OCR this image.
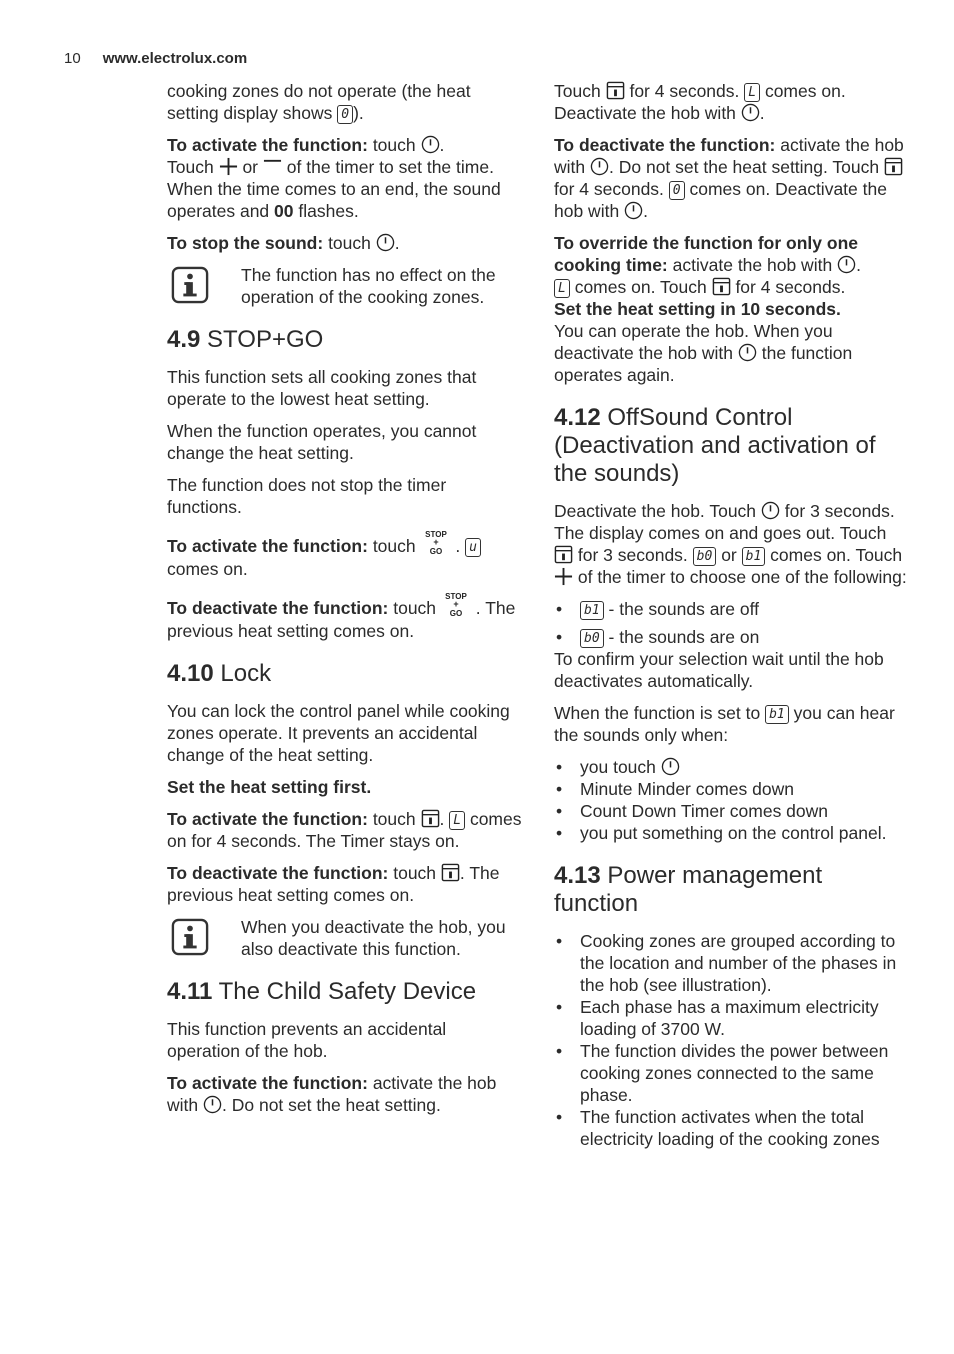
10 www.electrolux.com

cooking zones do not operate (the heat setting display shows 0 ).

To activate the function: touch .
Touch or of the timer to set the time. When the time comes to an end, the sound operates and 00 flashes.

To stop the sound: touch .

The function has no effect on the operation of the cooking zones.
4.9 STOP+GO

This function sets all cooking zones that operate to the lowest heat setting.

When the function operates, you cannot change the heat setting.

The function does not stop the timer functions.

To activate the function: touch
STOP
+
GO . u comes on.

To deactivate the function: touch
STOP
+
GO . The previous heat setting comes on.

4.10 Lock

You can lock the control panel while cooking zones operate. It prevents an accidental change of the heat setting.

Set the heat setting first.

To activate the function: touch . L comes on for 4 seconds. The Timer stays on.

To deactivate the function: touch . The previous heat setting comes on.

When you deactivate the hob, you also deactivate this function.
4.11 The Child Safety Device

This function prevents an accidental operation of the hob.

To activate the function: activate the hob with . Do not set the heat setting.

Touch for 4 seconds. L comes on. Deactivate the hob with .

To deactivate the function: activate the hob with . Do not set the heat setting. Touch
for 4 seconds. 0 comes on. Deactivate the hob with .

To override the function for only one cooking time: activate the hob with .
L comes on. Touch for 4 seconds.
Set the heat setting in 10 seconds.
You can operate the hob. When you deactivate the hob with the function operates again.

4.12 OffSound Control (Deactivation and activation of the sounds)

Deactivate the hob. Touch for 3 seconds. The display comes on and goes out. Touch
for 3 seconds. b0 or b1 comes on. Touch
of the timer to choose one of the following:

• b1 - the sounds are off
• b0 - the sounds are on

To confirm your selection wait until the hob deactivates automatically.

When the function is set to b1 you can hear the sounds only when:

• you touch
• Minute Minder comes down
• Count Down Timer comes down
• you put something on the control panel.
4.13 Power management function
• Cooking zones are grouped according to the location and number of the phases in the hob (see illustration).
• Each phase has a maximum electricity loading of 3700 W.
• The function divides the power between cooking zones connected to the same phase.
• The function activates when the total electricity loading of the cooking zones
